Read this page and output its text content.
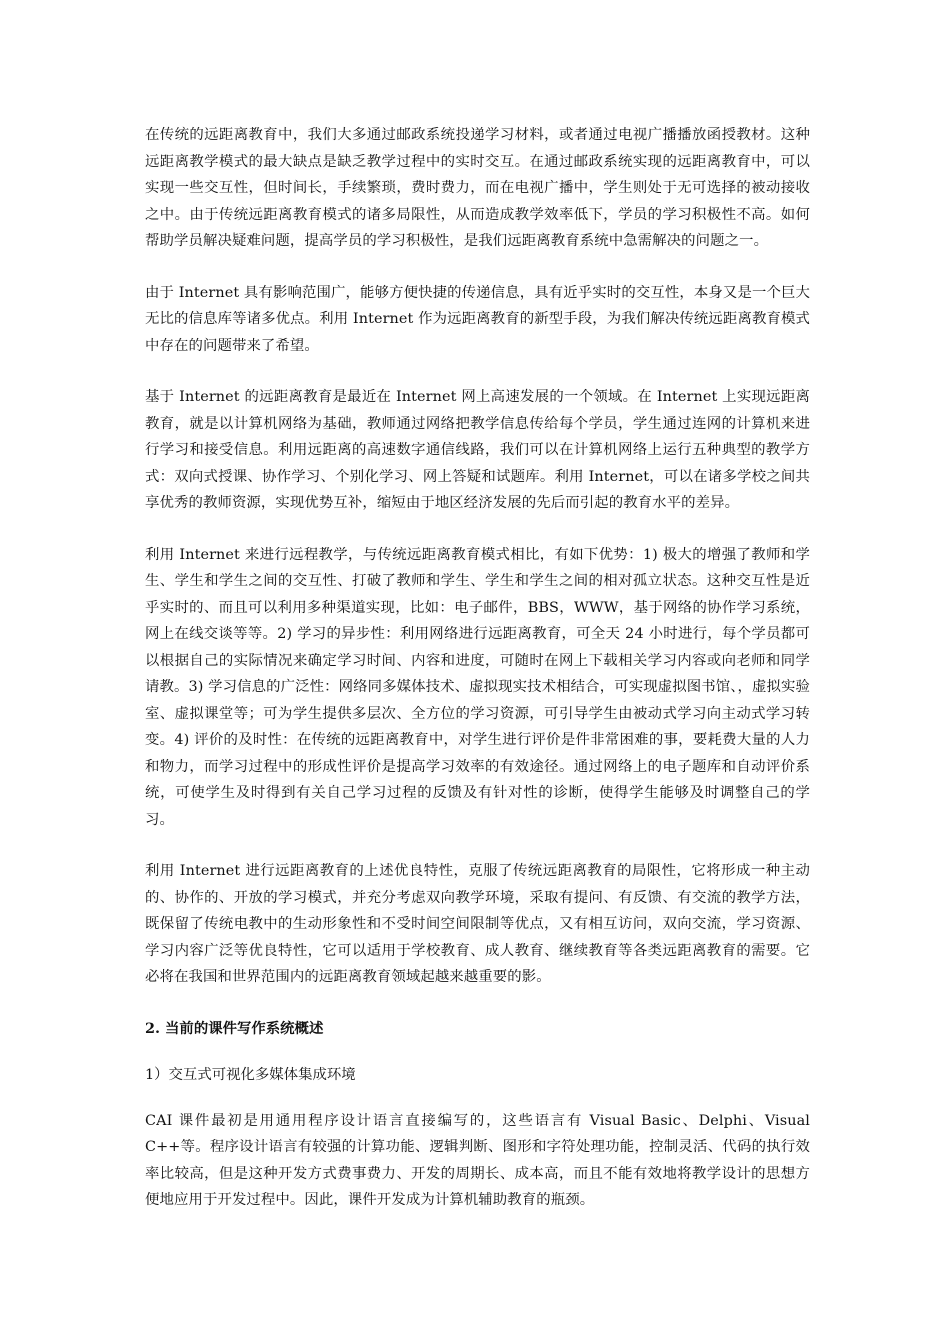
在传统的远距离教育中，我们大多通过邮政系统投递学习材料，或者通过电视广播播放函授教材。这种远距离教学模式的最大缺点是缺乏教学过程中的实时交互。在通过邮政系统实现的远距离教育中，可以实现一些交互性，但时间长，手续繁琐，费时费力，而在电视广播中，学生则处于无可选择的被动接收之中。由于传统远距离教育模式的诸多局限性，从而造成教学效率低下，学员的学习积极性不高。如何帮助学员解决疑难问题，提高学员的学习积极性，是我们远距离教育系统中急需解决的问题之一。

由于 Internet 具有影响范围广，能够方便快捷的传递信息，具有近乎实时的交互性，本身又是一个巨大无比的信息库等诸多优点。利用 Internet 作为远距离教育的新型手段，为我们解决传统远距离教育模式中存在的问题带来了希望。

基于 Internet 的远距离教育是最近在 Internet 网上高速发展的一个领域。在 Internet 上实现远距离教育，就是以计算机网络为基础，教师通过网络把教学信息传给每个学员，学生通过连网的计算机来进行学习和接受信息。利用远距离的高速数字通信线路，我们可以在计算机网络上运行五种典型的教学方式：双向式授课、协作学习、个别化学习、网上答疑和试题库。利用 Internet，可以在诸多学校之间共享优秀的教师资源，实现优势互补，缩短由于地区经济发展的先后而引起的教育水平的差异。

利用 Internet 来进行远程教学，与传统远距离教育模式相比，有如下优势：1) 极大的增强了教师和学生、学生和学生之间的交互性、打破了教师和学生、学生和学生之间的相对孤立状态。这种交互性是近乎实时的、而且可以利用多种渠道实现，比如：电子邮件，BBS，WWW，基于网络的协作学习系统，网上在线交谈等等。2) 学习的异步性：利用网络进行远距离教育，可全天 24 小时进行，每个学员都可以根据自己的实际情况来确定学习时间、内容和进度，可随时在网上下载相关学习内容或向老师和同学请教。3) 学习信息的广泛性：网络同多媒体技术、虚拟现实技术相结合，可实现虚拟图书馆、，虚拟实验室、虚拟课堂等；可为学生提供多层次、全方位的学习资源，可引导学生由被动式学习向主动式学习转变。4) 评价的及时性：在传统的远距离教育中，对学生进行评价是件非常困难的事，要耗费大量的人力和物力，而学习过程中的形成性评价是提高学习效率的有效途径。通过网络上的电子题库和自动评价系统，可使学生及时得到有关自己学习过程的反馈及有针对性的诊断，使得学生能够及时调整自己的学习。

利用 Internet 进行远距离教育的上述优良特性，克服了传统远距离教育的局限性，它将形成一种主动的、协作的、开放的学习模式，并充分考虑双向教学环境，采取有提问、有反馈、有交流的教学方法，既保留了传统电教中的生动形象性和不受时间空间限制等优点，又有相互访问，双向交流，学习资源、学习内容广泛等优良特性，它可以适用于学校教育、成人教育、继续教育等各类远距离教育的需要。它必将在我国和世界范围内的远距离教育领域起越来越重要的影。

2. 当前的课件写作系统概述

1）交互式可视化多媒体集成环境

CAI 课件最初是用通用程序设计语言直接编写的，这些语言有 Visual Basic、Delphi、Visual C++等。程序设计语言有较强的计算功能、逻辑判断、图形和字符处理功能，控制灵活、代码的执行效率比较高，但是这种开发方式费事费力、开发的周期长、成本高，而且不能有效地将教学设计的思想方便地应用于开发过程中。因此，课件开发成为计算机辅助教育的瓶颈。
